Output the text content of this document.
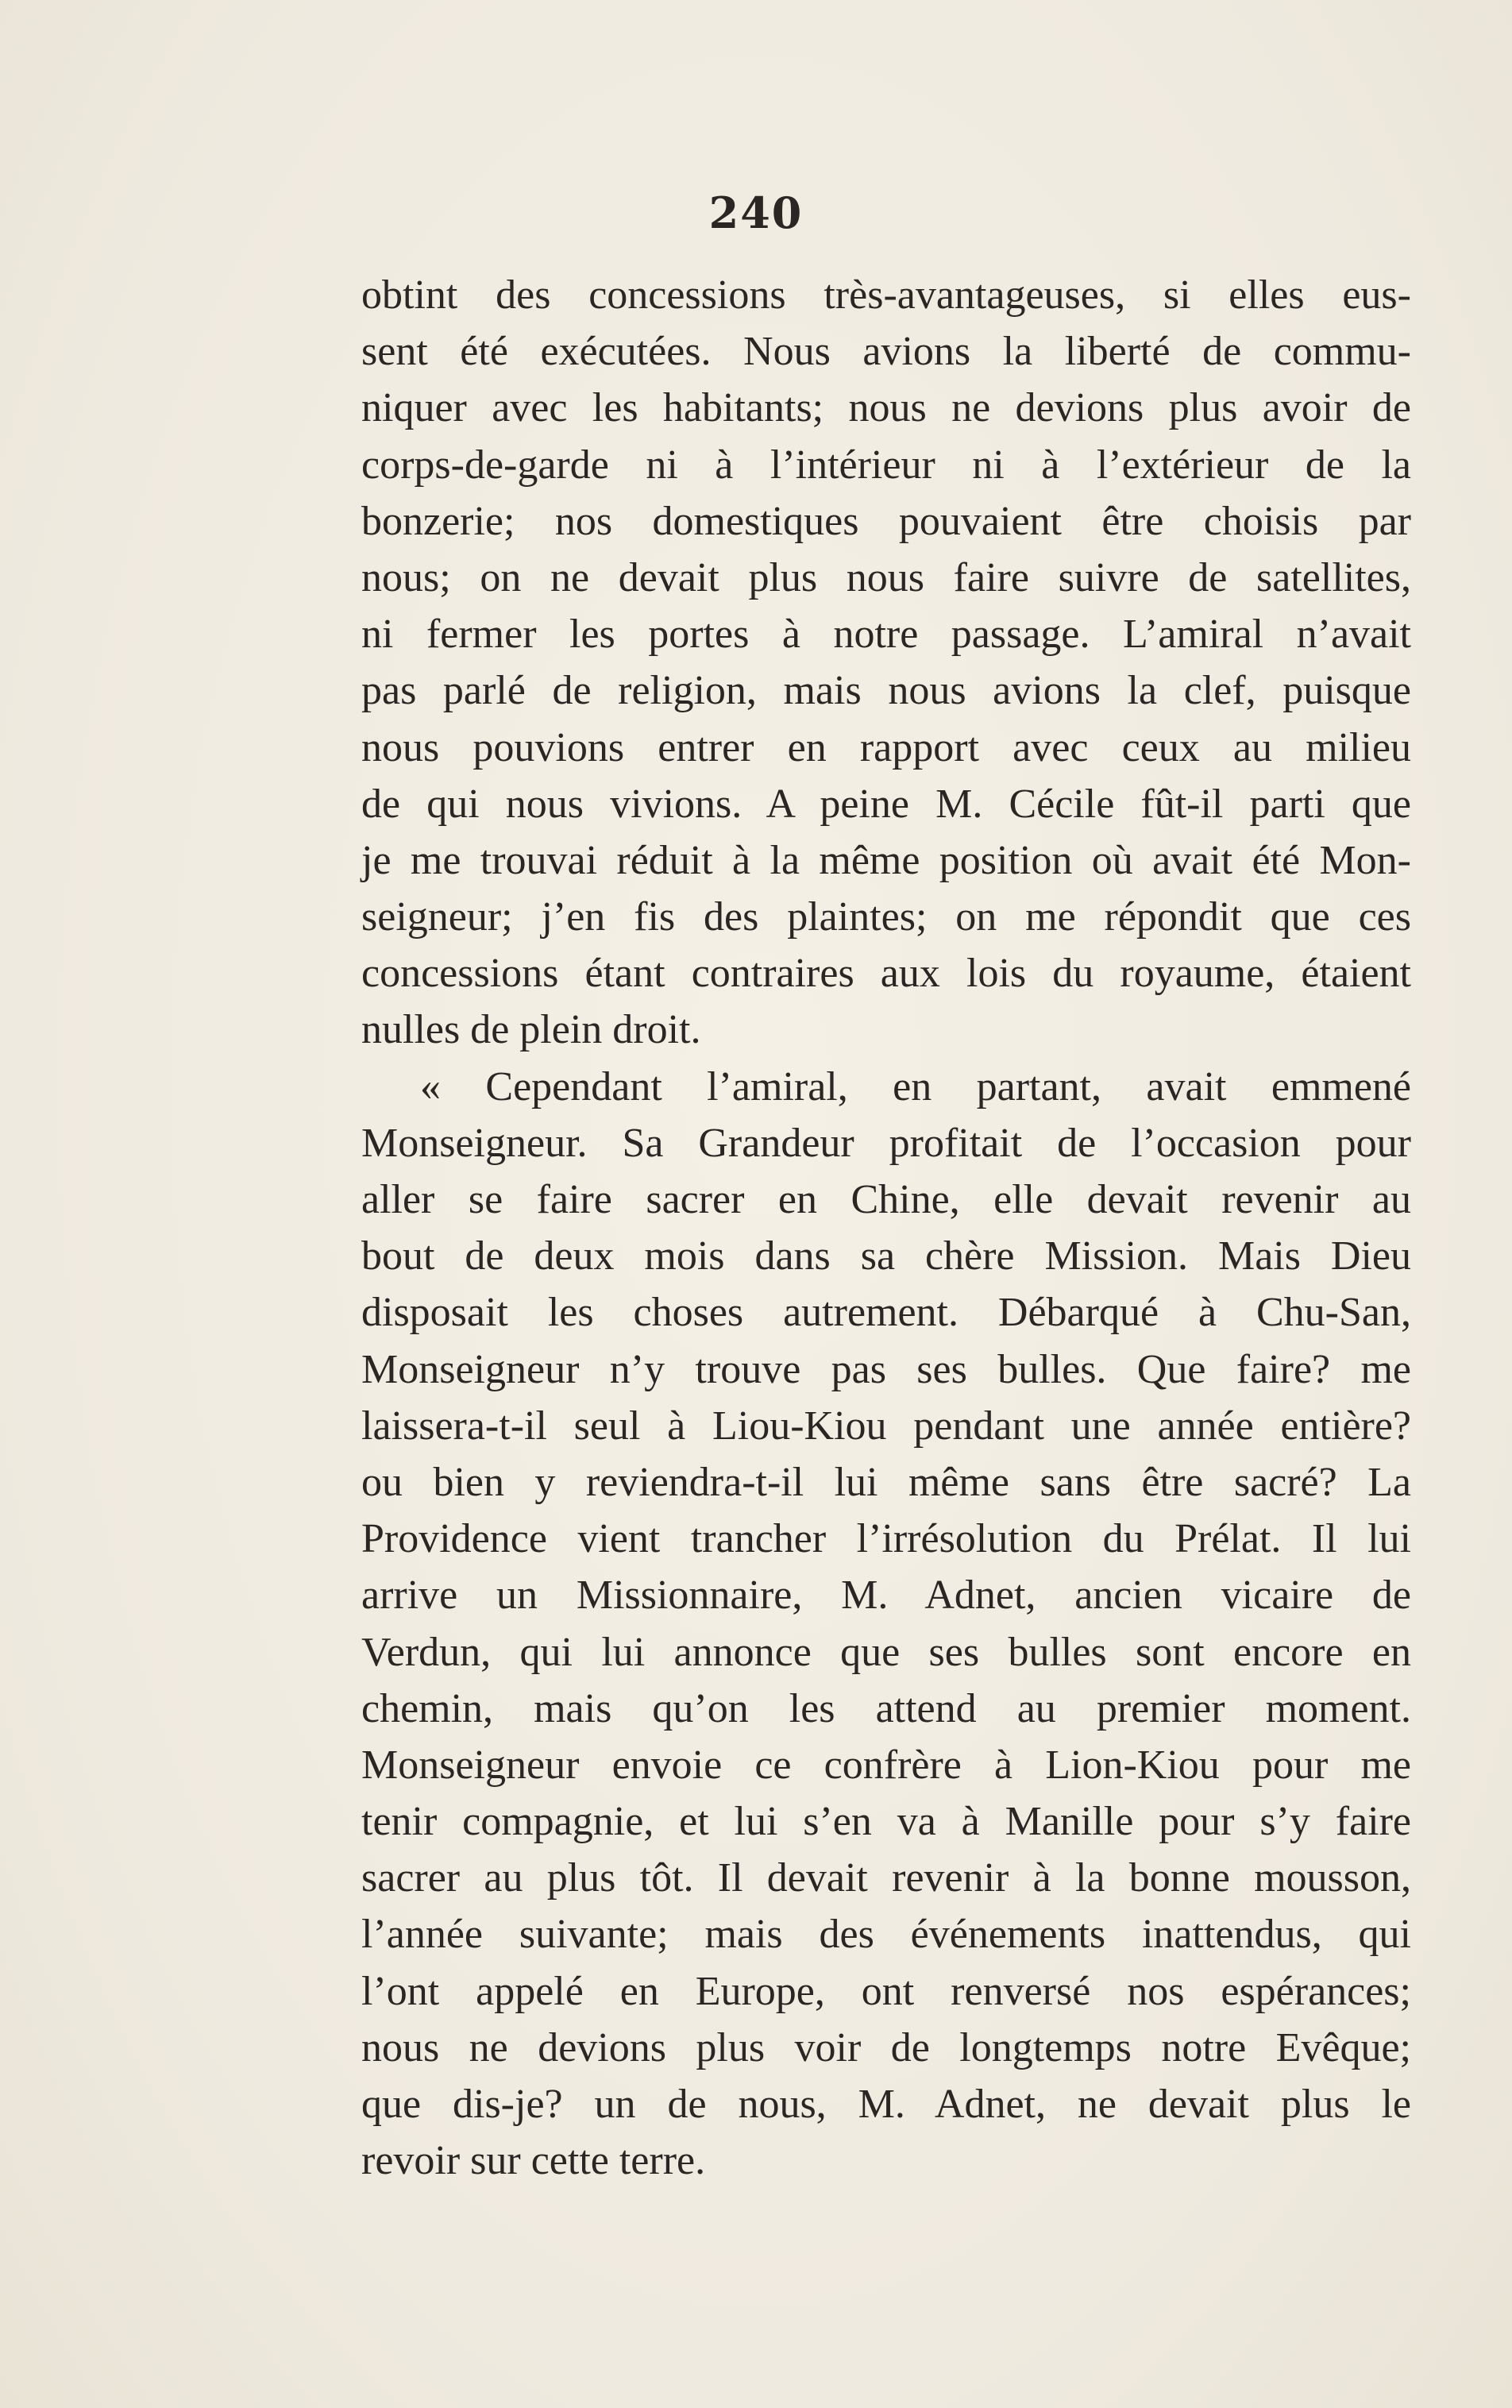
240
obtint des concessions très-avantageuses, si elles eus-
sent été exécutées. Nous avions la liberté de commu-
niquer avec les habitants; nous ne devions plus avoir de
corps-de-garde ni à l’intérieur ni à l’extérieur de la
bonzerie; nos domestiques pouvaient être choisis par
nous; on ne devait plus nous faire suivre de satellites,
ni fermer les portes à notre passage. L’amiral n’avait
pas parlé de religion, mais nous avions la clef, puisque
nous pouvions entrer en rapport avec ceux au milieu
de qui nous vivions. A peine M. Cécile fût-il parti que
je me trouvai réduit à la même position où avait été Mon-
seigneur; j’en fis des plaintes; on me répondit que ces
concessions étant contraires aux lois du royaume, étaient
nulles de plein droit.
« Cependant l’amiral, en partant, avait emmené
Monseigneur. Sa Grandeur profitait de l’occasion pour
aller se faire sacrer en Chine, elle devait revenir au
bout de deux mois dans sa chère Mission. Mais Dieu
disposait les choses autrement. Débarqué à Chu-San,
Monseigneur n’y trouve pas ses bulles. Que faire? me
laissera-t-il seul à Liou-Kiou pendant une année entière?
ou bien y reviendra-t-il lui même sans être sacré? La
Providence vient trancher l’irrésolution du Prélat. Il lui
arrive un Missionnaire, M. Adnet, ancien vicaire de
Verdun, qui lui annonce que ses bulles sont encore en
chemin, mais qu’on les attend au premier moment.
Monseigneur envoie ce confrère à Lion-Kiou pour me
tenir compagnie, et lui s’en va à Manille pour s’y faire
sacrer au plus tôt. Il devait revenir à la bonne mousson,
l’année suivante; mais des événements inattendus, qui
l’ont appelé en Europe, ont renversé nos espérances;
nous ne devions plus voir de longtemps notre Evêque;
que dis-je? un de nous, M. Adnet, ne devait plus le
revoir sur cette terre.
